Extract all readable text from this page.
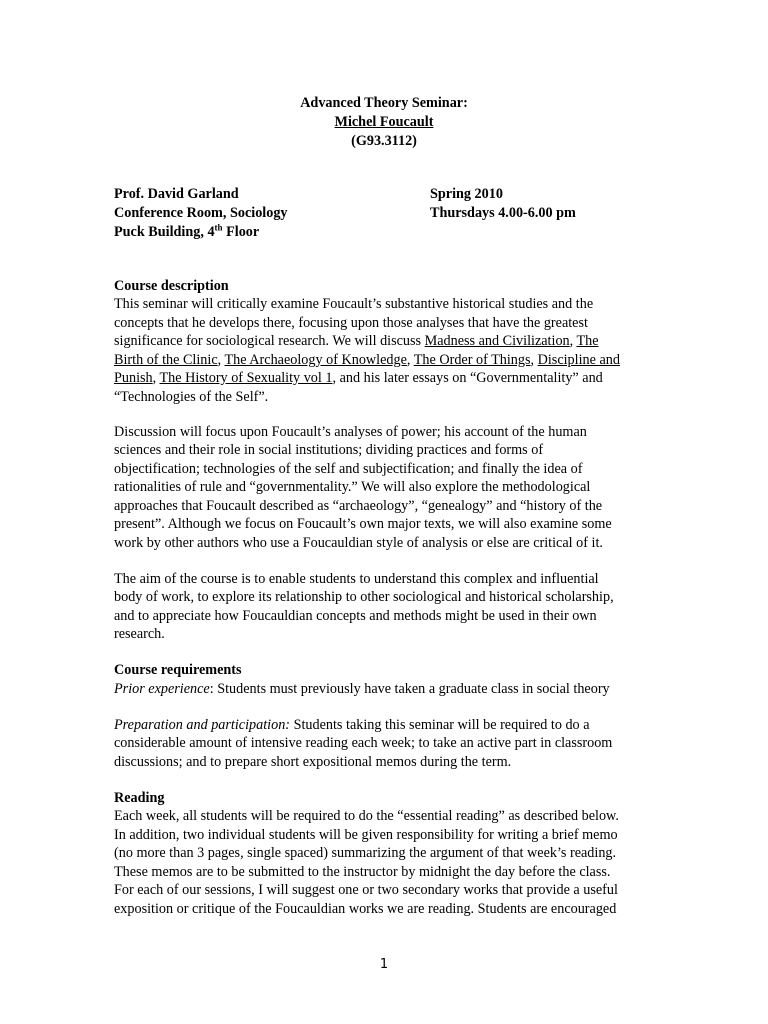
Advanced Theory Seminar:
Michel Foucault
(G93.3112)
Prof. David Garland	Spring 2010
Conference Room, Sociology	Thursdays 4.00-6.00 pm
Puck Building, 4th Floor
Course description
This seminar will critically examine Foucault’s substantive historical studies and the
concepts that he develops there, focusing upon those analyses that have the greatest
significance for sociological research. We will discuss Madness and Civilization, The
Birth of the Clinic, The Archaeology of Knowledge, The Order of Things, Discipline and
Punish, The History of Sexuality vol 1, and his later essays on “Governmentality” and
“Technologies of the Self”.
Discussion will focus upon Foucault’s analyses of power; his account of the human
sciences and their role in social institutions; dividing practices and forms of
objectification; technologies of the self and subjectification; and finally the idea of
rationalities of rule and “governmentality.” We will also explore the methodological
approaches that Foucault described as “archaeology”, “genealogy” and “history of the
present”. Although we focus on Foucault’s own major texts, we will also examine some
work by other authors who use a Foucauldian style of analysis or else are critical of it.
The aim of the course is to enable students to understand this complex and influential
body of work, to explore its relationship to other sociological and historical scholarship,
and to appreciate how Foucauldian concepts and methods might be used in their own
research.
Course requirements
Prior experience: Students must previously have taken a graduate class in social theory
Preparation and participation: Students taking this seminar will be required to do a
considerable amount of intensive reading each week; to take an active part in classroom
discussions; and to prepare short expositional memos during the term.
Reading
Each week, all students will be required to do the “essential reading” as described below.
In addition, two individual students will be given responsibility for writing a brief memo
(no more than 3 pages, single spaced) summarizing the argument of that week’s reading.
These memos are to be submitted to the instructor by midnight the day before the class.
For each of our sessions, I will suggest one or two secondary works that provide a useful
exposition or critique of the Foucauldian works we are reading. Students are encouraged
1
